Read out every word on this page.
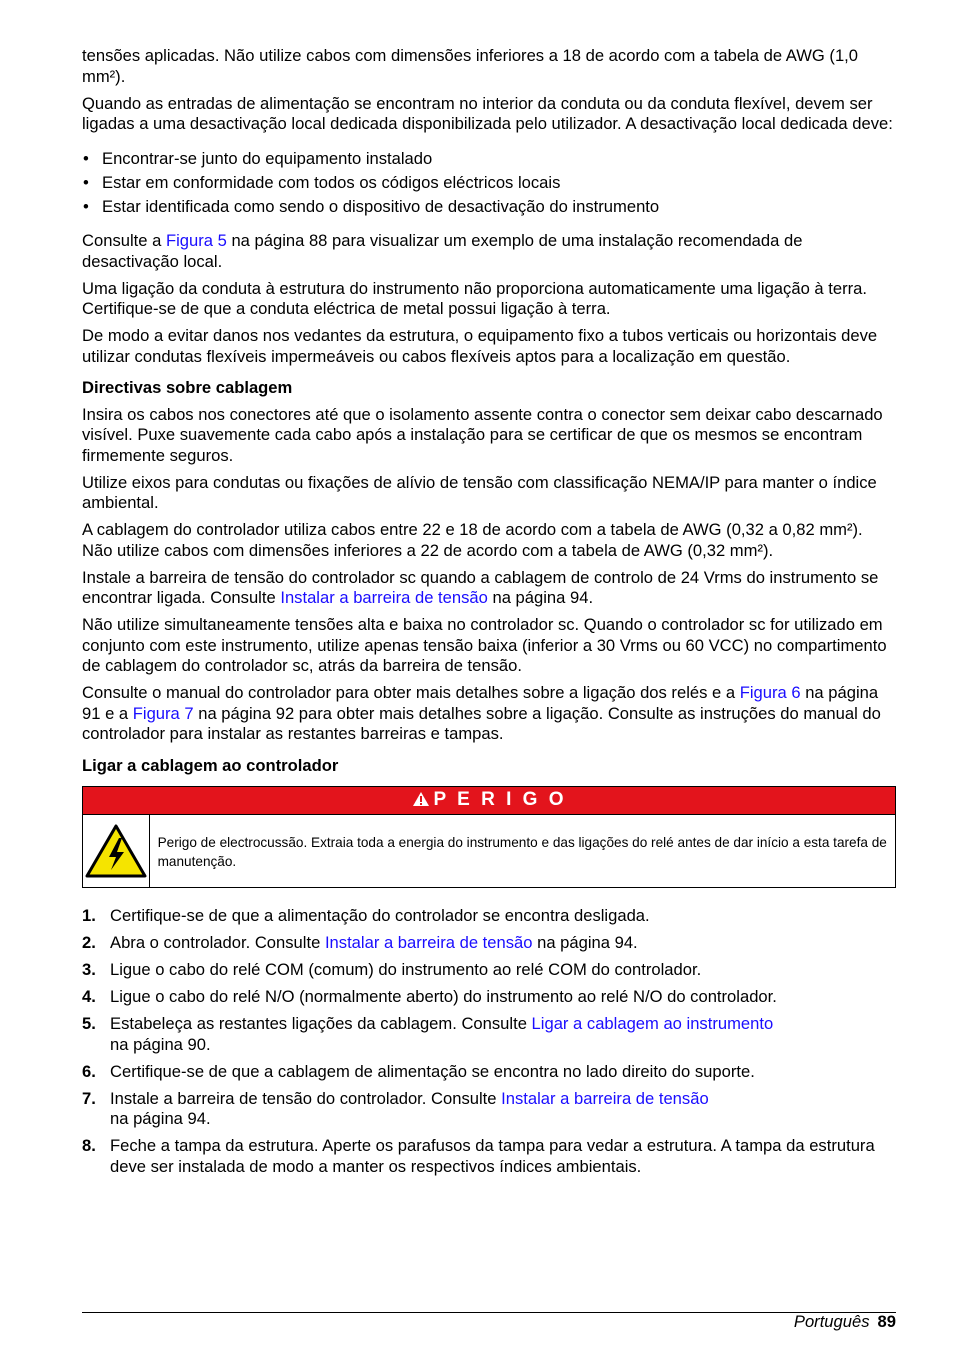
tensões aplicadas. Não utilize cabos com dimensões inferiores a 18 de acordo com a tabela de AWG (1,0 mm²).

Quando as entradas de alimentação se encontram no interior da conduta ou da conduta flexível, devem ser ligadas a uma desactivação local dedicada disponibilizada pelo utilizador. A desactivação local dedicada deve:

• Encontrar-se junto do equipamento instalado
• Estar em conformidade com todos os códigos eléctricos locais
• Estar identificada como sendo o dispositivo de desactivação do instrumento

Consulte a Figura 5 na página 88 para visualizar um exemplo de uma instalação recomendada de desactivação local.

Uma ligação da conduta à estrutura do instrumento não proporciona automaticamente uma ligação à terra. Certifique-se de que a conduta eléctrica de metal possui ligação à terra.

De modo a evitar danos nos vedantes da estrutura, o equipamento fixo a tubos verticais ou horizontais deve utilizar condutas flexíveis impermeáveis ou cabos flexíveis aptos para a localização em questão.

Directivas sobre cablagem

Insira os cabos nos conectores até que o isolamento assente contra o conector sem deixar cabo descarnado visível. Puxe suavemente cada cabo após a instalação para se certificar de que os mesmos se encontram firmemente seguros.

Utilize eixos para condutas ou fixações de alívio de tensão com classificação NEMA/IP para manter o índice ambiental.

A cablagem do controlador utiliza cabos entre 22 e 18 de acordo com a tabela de AWG (0,32 a 0,82 mm²). Não utilize cabos com dimensões inferiores a 22 de acordo com a tabela de AWG (0,32 mm²).

Instale a barreira de tensão do controlador sc quando a cablagem de controlo de 24 Vrms do instrumento se encontrar ligada. Consulte Instalar a barreira de tensão na página 94.

Não utilize simultaneamente tensões alta e baixa no controlador sc. Quando o controlador sc for utilizado em conjunto com este instrumento, utilize apenas tensão baixa (inferior a 30 Vrms ou 60 VCC) no compartimento de cablagem do controlador sc, atrás da barreira de tensão.

Consulte o manual do controlador para obter mais detalhes sobre a ligação dos relés e a Figura 6 na página 91 e a Figura 7 na página 92 para obter mais detalhes sobre a ligação. Consulte as instruções do manual do controlador para instalar as restantes barreiras e tampas.

Ligar a cablagem ao controlador
P E R I G O
Perigo de electrocussão. Extraia toda a energia do instrumento e das ligações do relé antes de dar início a esta tarefa de manutenção.
1. Certifique-se de que a alimentação do controlador se encontra desligada.
2. Abra o controlador. Consulte Instalar a barreira de tensão na página 94.
3. Ligue o cabo do relé COM (comum) do instrumento ao relé COM do controlador.
4. Ligue o cabo do relé N/O (normalmente aberto) do instrumento ao relé N/O do controlador.
5. Estabeleça as restantes ligações da cablagem. Consulte Ligar a cablagem ao instrumento
na página 90.
6. Certifique-se de que a cablagem de alimentação se encontra no lado direito do suporte.
7. Instale a barreira de tensão do controlador. Consulte Instalar a barreira de tensão
na página 94.
8. Feche a tampa da estrutura. Aperte os parafusos da tampa para vedar a estrutura. A tampa da estrutura deve ser instalada de modo a manter os respectivos índices ambientais.
Português 89
